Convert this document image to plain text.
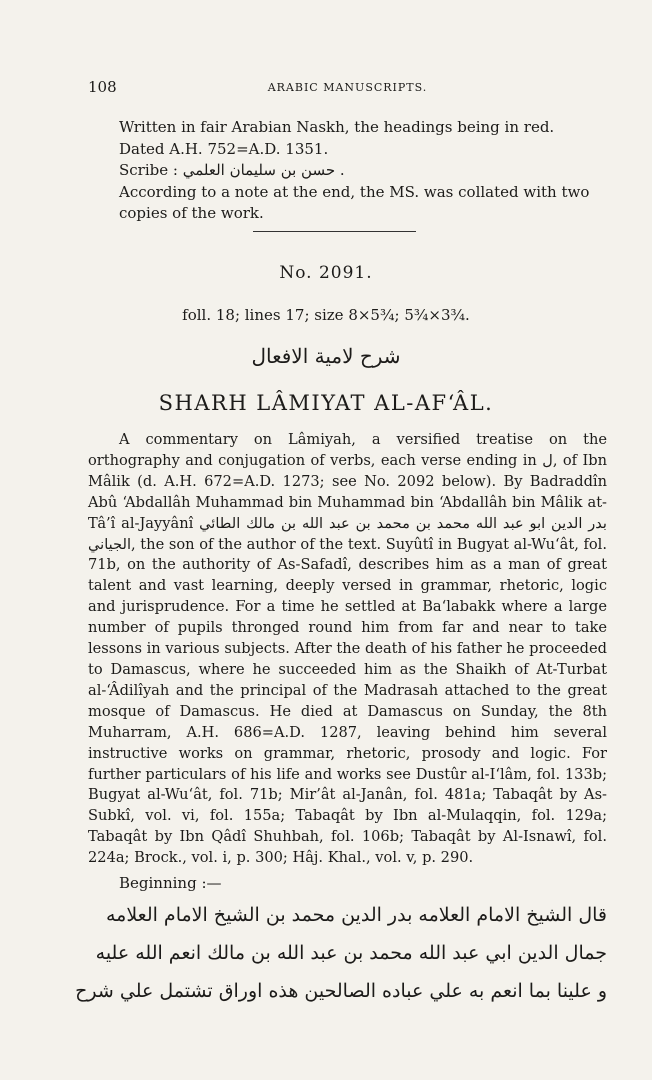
108	ARABIC MANUSCRIPTS.
Written in fair Arabian Naskh, the headings being in red.
Dated A.H. 752=A.D. 1351.
Scribe : حسن بن سليمان العلمي .
According to a note at the end, the MS. was collated with two copies of the work.
No. 2091.
foll. 18; lines 17; size 8×5¾; 5¾×3¾.
شرح لامية الافعال
SHARH LÂMIYAT AL-AF‘ÂL.

A commentary on Lâmiyah, a versified treatise on the orthography and conjugation of verbs, each verse ending in ل, of Ibn Mâlik (d. A.H. 672=A.D. 1273; see No. 2092 below). By Badraddîn Abû ‘Abdallâh Muhammad bin Muhammad bin ‘Abdallâh bin Mâlik at-Tâ’î al-Jayyânî بدر الدين ابو عبد الله محمد بن محمد بن عبد الله بن مالك الطائي الجياني, the son of the author of the text. Suyûtî in Bugyat al-Wu‘ât, fol. 71b, on the authority of As-Safadî, describes him as a man of great talent and vast learning, deeply versed in grammar, rhetoric, logic and jurisprudence. For a time he settled at Ba‘labakk where a large number of pupils thronged round him from far and near to take lessons in various subjects. After the death of his father he proceeded to Damascus, where he succeeded him as the Shaikh of At-Turbat al-‘Âdilîyah and the principal of the Madrasah attached to the great mosque of Damascus. He died at Damascus on Sunday, the 8th Muharram, A.H. 686=A.D. 1287, leaving behind him several instructive works on grammar, rhetoric, prosody and logic. For further particulars of his life and works see Dustûr al-I‘lâm, fol. 133b; Bugyat al-Wu‘ât, fol. 71b; Mir’ât al-Janân, fol. 481a; Tabaqât by As-Subkî, vol. vi, fol. 155a; Tabaqât by Ibn al-Mulaqqin, fol. 129a; Tabaqât by Ibn Qâdî Shuhbah, fol. 106b; Tabaqât by Al-Isnawî, fol. 224a; Brock., vol. i, p. 300; Hâj. Khal., vol. v, p. 290.

Beginning :—
قال الشيخ الامام العلامه بدر الدين محمد بن الشيخ الامام العلامه
جمال الدين ابي عبد الله محمد بن عبد الله بن مالك انعم الله عليه
و علينا بما انعم به علي عباده الصالحين هذه اوراق تشتمل علي شرح
